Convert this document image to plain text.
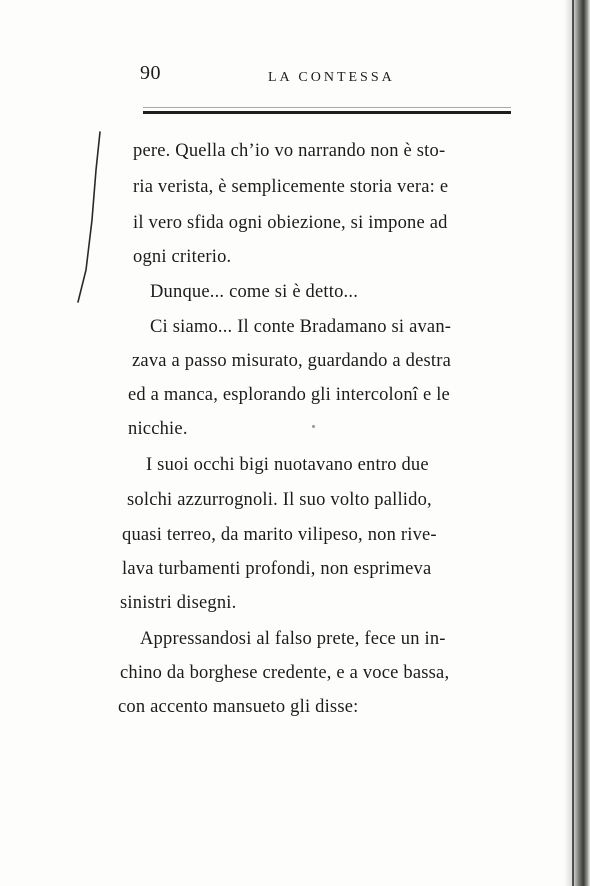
90	LA CONTESSA
pere. Quella ch’io vo narrando non è sto-
ria verista, è semplicemente storia vera: e
il vero sfida ogni obiezione, si impone ad
ogni criterio.
Dunque... come si è detto...
Ci siamo... Il conte Bradamano si avan-
zava a passo misurato, guardando a destra
ed a manca, esplorando gli intercolonî e le
nicchie.
I suoi occhi bigi nuotavano entro due
solchi azzurrognoli. Il suo volto pallido,
quasi terreo, da marito vilipeso, non rive-
lava turbamenti profondi, non esprimeva
sinistri disegni.
Appressandosi al falso prete, fece un in-
chino da borghese credente, e a voce bassa,
con accento mansueto gli disse:
